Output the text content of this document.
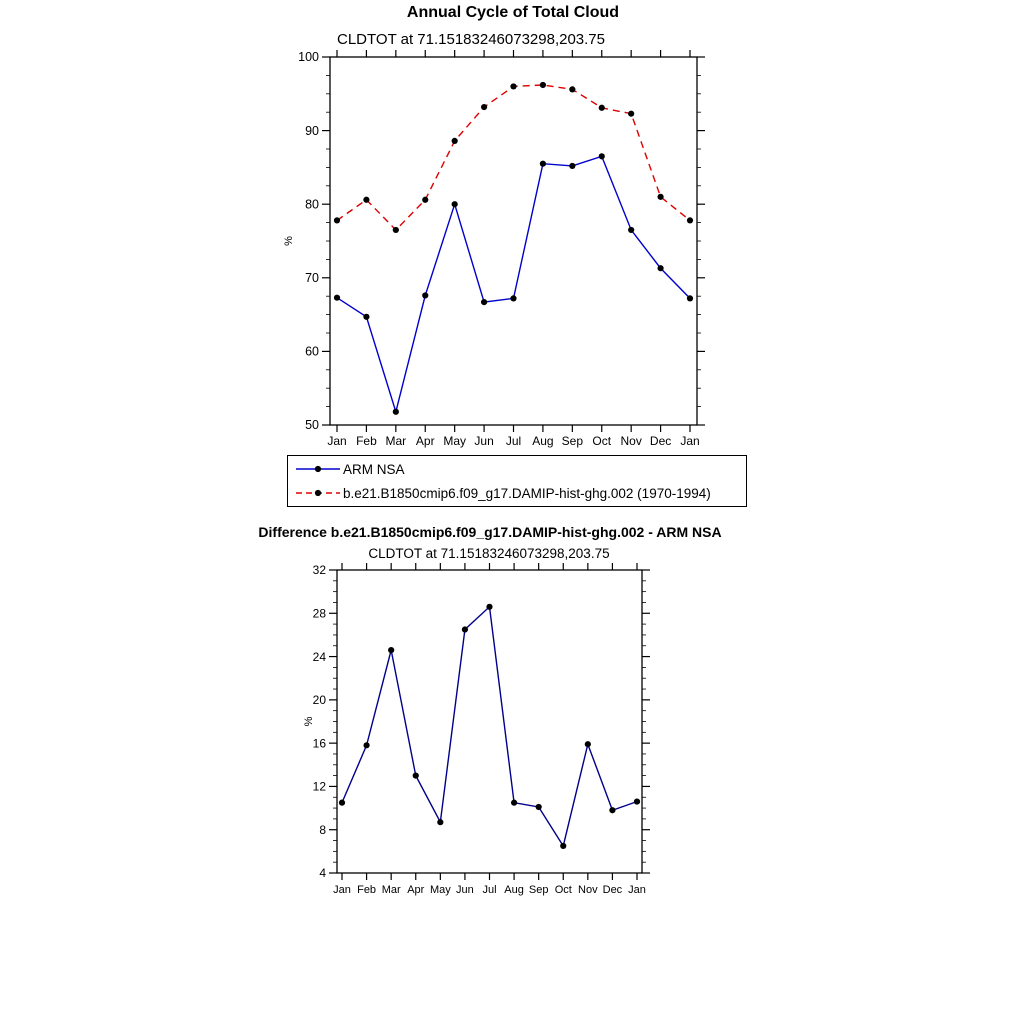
Annual Cycle of Total Cloud
CLDTOT at 71.15183246073298,203.75
Difference b.e21.B1850cmip6.f09_g17.DAMIP-hist-ghg.002 - ARM NSA
CLDTOT at 71.15183246073298,203.75
50
60
70
80
90
100
Jan Feb Mar Apr May Jun Jul Aug Sep Oct Nov Dec Jan
%
4
8
12
16
20
24
28
32
Jan Feb Mar Apr May Jun Jul Aug Sep Oct Nov Dec Jan
%
ARM NSA
b.e21.B1850cmip6.f09_g17.DAMIP-hist-ghg.002 (1970-1994)
